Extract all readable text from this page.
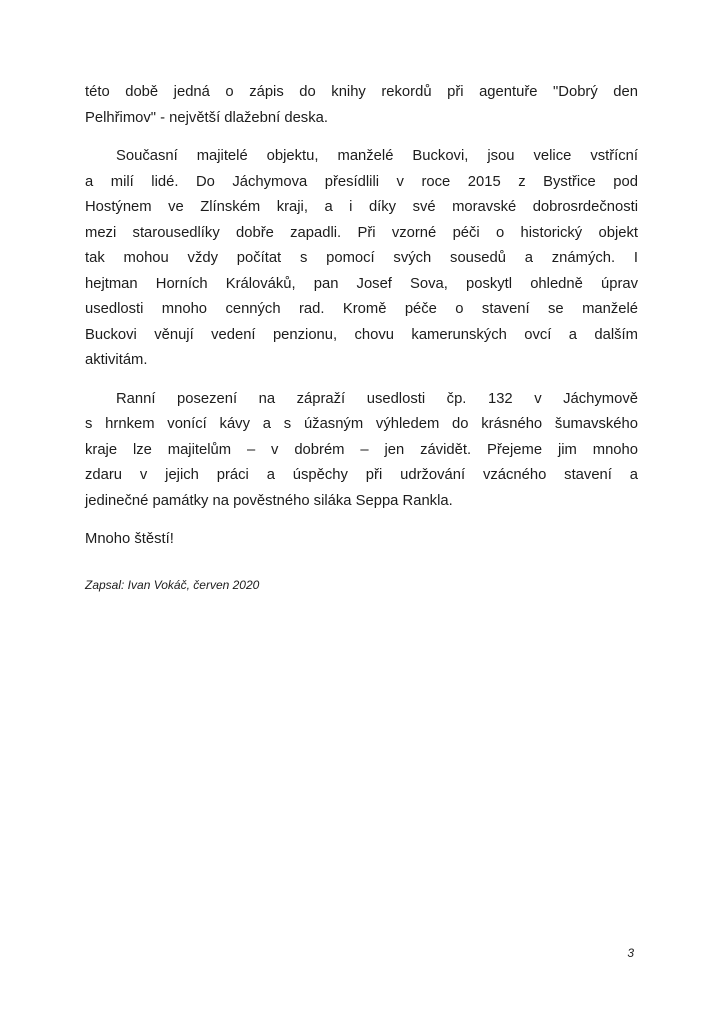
této době jedná o zápis do knihy rekordů při agentuře "Dobrý den
Pelhřimov" - největší dlažební deska.
Současní majitelé objektu, manželé Buckovi, jsou velice vstřícní
a milí lidé. Do Jáchymova přesídlili v roce 2015 z Bystřice pod
Hostýnem ve Zlínském kraji, a i díky své moravské dobrosrdečnosti
mezi starousedlíky dobře zapadli. Při vzorné péči o historický objekt
tak mohou vždy počítat s pomocí svých sousedů a známých. I
hejtman Horních Králováků, pan Josef Sova, poskytl ohledně úprav
usedlosti mnoho cenných rad. Kromě péče o stavení se manželé
Buckovi věnují vedení penzionu, chovu kamerunských ovcí a dalším
aktivitám.
Ranní posezení na zápraží usedlosti čp. 132 v Jáchymově
s hrnkem vonící kávy a s úžasným výhledem do krásného šumavského
kraje lze majitelům – v dobrém – jen závidět. Přejeme jim mnoho
zdaru v jejich práci a úspěchy při udržování vzácného stavení a
jedinečné památky na pověstného siláka Seppa Rankla.
Mnoho štěstí!
Zapsal: Ivan Vokáč, červen 2020
3
